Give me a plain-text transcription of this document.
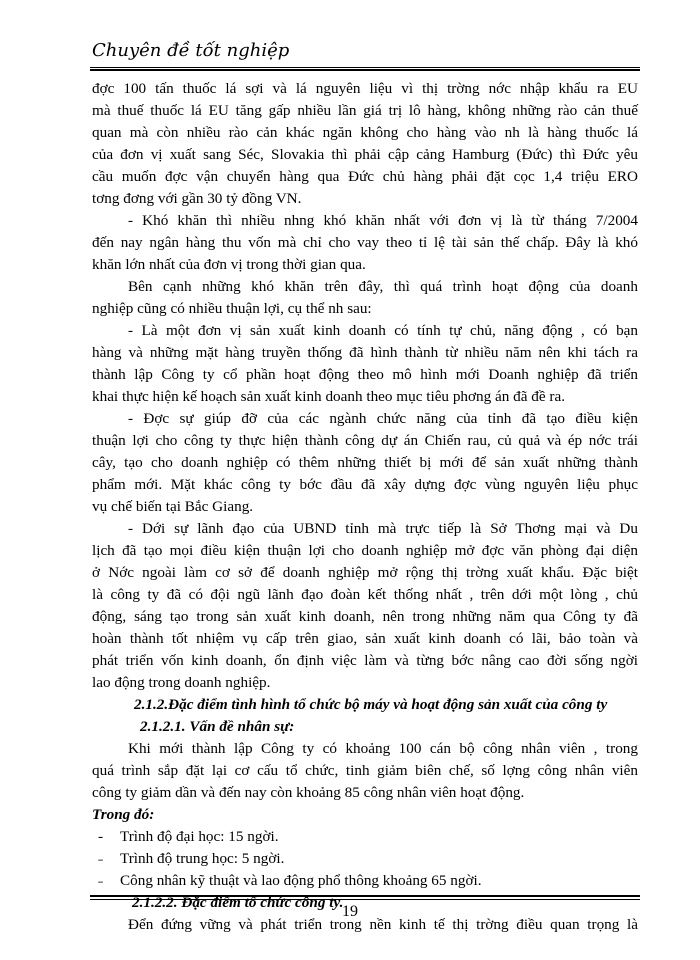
Chuyên đề tốt nghiệp

đợc 100 tấn thuốc lá sợi và lá nguyên liệu vì thị trờng nớc nhập khẩu ra EU

mà thuế thuốc lá EU tăng gấp nhiều lần giá trị lô hàng, không những rào cản thuế

quan mà còn nhiều rào cản khác ngăn không cho hàng vào nh là hàng thuốc lá

của đơn vị xuất sang Séc, Slovakia thì phải cập cảng Hamburg (Đức) thì Đức yêu

cầu muốn đợc vận chuyển hàng qua Đức chủ hàng phải đặt cọc 1,4 triệu ERO

tơng đơng với gần 30 tỷ đồng VN.

- Khó khăn thì nhiều nhng khó khăn nhất với đơn vị là từ tháng 7/2004

đến nay ngân hàng thu vốn mà chỉ cho vay theo tỉ lệ tài sản thế chấp. Đây là khó

khăn lớn nhất của đơn vị trong thời gian qua.

Bên cạnh những khó khăn trên đây, thì quá trình hoạt động của doanh

nghiệp cũng có nhiều thuận lợi, cụ thể nh sau:

- Là một đơn vị sản xuất kinh doanh có tính tự chủ, năng động , có bạn

hàng và những mặt hàng truyền thống đã hình thành từ nhiều năm nên khi tách ra

thành lập Công ty cổ phần hoạt động theo mô hình mới Doanh nghiệp đã triển

khai thực hiện kế hoạch sản xuất kinh doanh theo mục tiêu phơng án đã đề ra.

- Đợc sự giúp đỡ của các ngành chức năng của tỉnh đã tạo điều kiện

thuận lợi cho công ty thực hiện thành công dự án Chiến rau, củ quả và ép nớc trái

cây, tạo cho doanh nghiệp có thêm những thiết bị mới để sản xuất những thành

phẩm mới. Mặt khác công ty bớc đầu đã xây dựng đợc vùng nguyên liệu phục

vụ chế biến tại Bắc Giang.

- Dới sự lãnh đạo của UBND tỉnh mà trực tiếp là Sở Thơng mại và Du

lịch đã tạo mọi điều kiện thuận lợi cho doanh nghiệp mở đợc văn phòng đại diện

ở Nớc ngoài làm cơ sở để doanh nghiệp mở rộng thị trờng xuất khẩu. Đặc biệt

là công ty đã có đội ngũ lãnh đạo đoàn kết thống nhất , trên dới một lòng , chủ

động, sáng tạo trong sản xuất kinh doanh, nên trong những năm qua Công ty đã

hoàn thành tốt nhiệm vụ cấp trên giao, sản xuất kinh doanh có lãi, bảo toàn và

phát triển vốn kinh doanh, ổn định việc làm và từng bớc nâng cao đời sống ngời

lao động trong doanh nghiệp.

2.1.2.Đặc điểm tình hình tổ chức bộ máy và hoạt động sản xuất của công ty

2.1.2.1. Vấn đề nhân sự:

Khi mới thành lập Công ty có khoảng 100 cán bộ công nhân viên , trong

quá trình sắp đặt lại cơ cấu tổ chức, tinh giảm biên chế, số lợng công nhân viên

công ty giảm dần và đến nay còn khoảng 85 công nhân viên hoạt động.

Trong đó:

-	Trình độ đại học: 15 ngời.

˗	Trình độ trung học: 5 ngời.

˗	Công nhân kỹ thuật và lao động phổ thông khoảng 65 ngời.

2.1.2.2. Đặc điểm tổ chức công ty.

Đển đứng vững và phát triển trong nền kinh tế thị trờng điều quan trọng là

19
